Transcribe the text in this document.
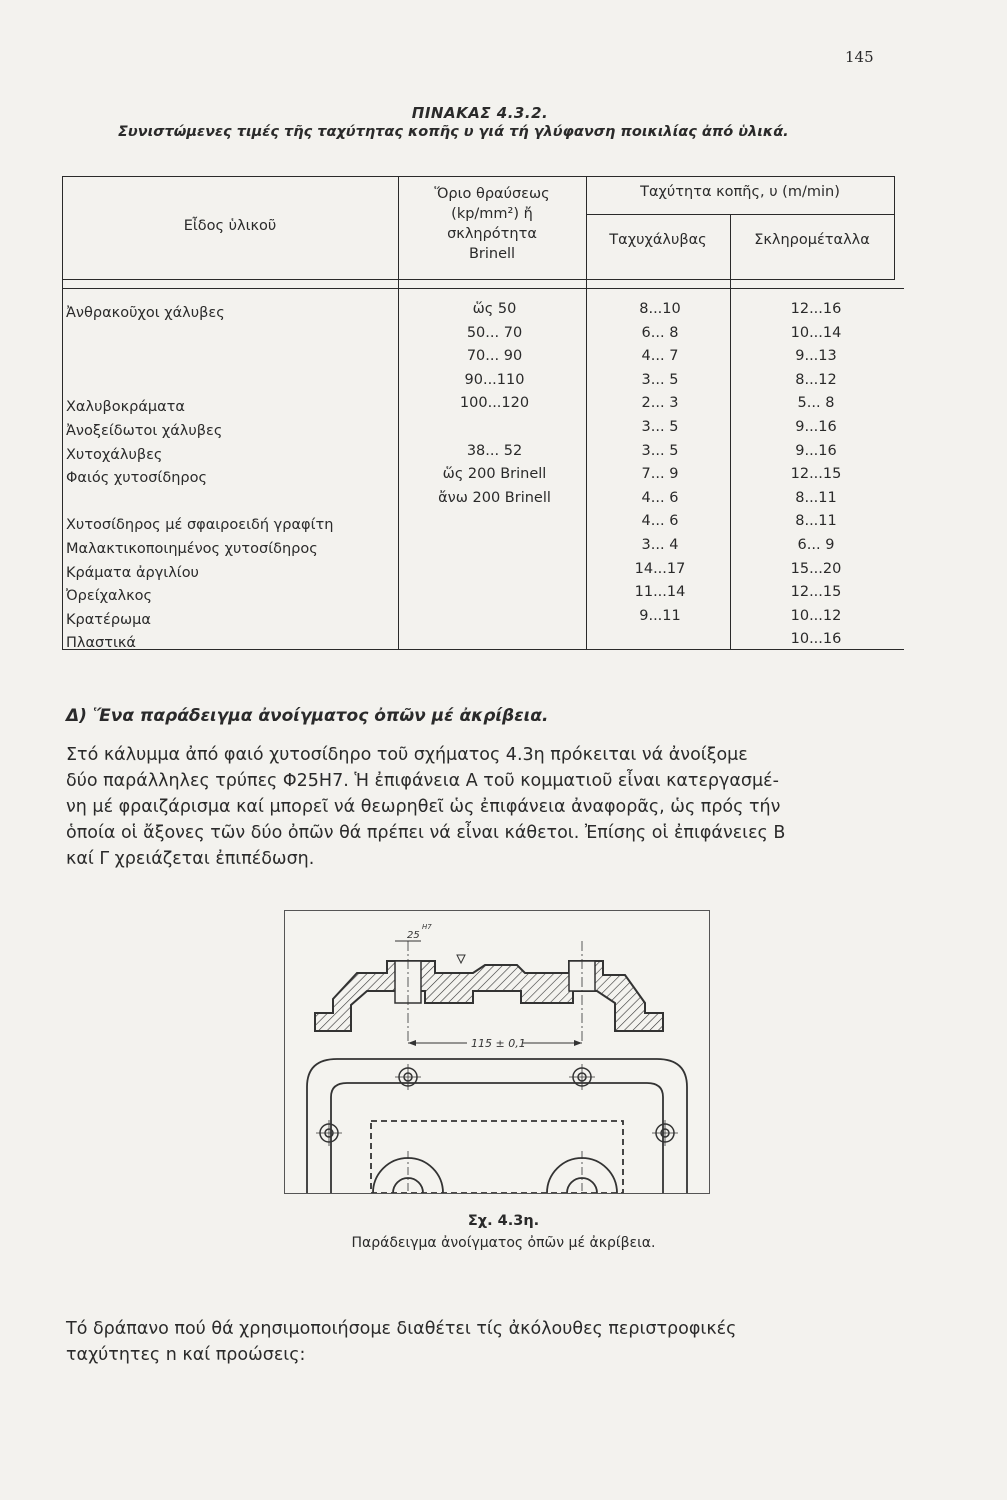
145
ΠΙΝΑΚΑΣ 4.3.2.
Συνιστώμενες τιμές τῆς ταχύτητας κοπῆς υ γιά τή γλύφανση ποικιλίας ἀπό ὑλικά.
Εἶδος ὑλικοῦ
Ὅριο θραύσεως
(kp/mm²) ἤ
σκληρότητα
Brinell
Ταχύτητα κοπῆς, υ (m/min)
Ταχυχάλυβας	Σκληρομέταλλα
Ἀνθρακοῦχοι χάλυβες
Χαλυβοκράματα
Ἀνοξείδωτοι χάλυβες
Χυτοχάλυβες
Φαιός χυτοσίδηρος
Χυτοσίδηρος μέ σφαιροειδή γραφίτη
Μαλακτικοποιημένος χυτοσίδηρος
Κράματα ἀργιλίου
Ὀρείχαλκος
Κρατέρωμα
Πλαστικά
ὥς 50
50... 70
70... 90
90...110
100...120
38... 52
ὥς 200 Brinell
ἄνω 200 Brinell
8...10
6... 8
4... 7
3... 5
2... 3
3... 5
3... 5
7... 9
4... 6
4... 6
3... 4
14...17
11...14
9...11
12...16
10...14
9...13
8...12
5... 8
9...16
9...16
12...15
8...11
8...11
6... 9
15...20
12...15
10...12
10...16
Δ) Ἕνα παράδειγμα ἀνοίγματος ὀπῶν μέ ἀκρίβεια.
Στό κάλυμμα ἀπό φαιό χυτοσίδηρο τοῦ σχήματος 4.3η πρόκειται νά ἀνοίξομε
δύο παράλληλες τρύπες Φ25H7. Ἡ ἐπιφάνεια Α τοῦ κομματιοῦ εἶναι κατεργασμέ-
νη μέ φραιζάρισμα καί μπορεῖ νά θεωρηθεῖ ὡς ἐπιφάνεια ἀναφορᾶς, ὡς πρός τήν
ὁποία οἱ ἄξονες τῶν δύο ὀπῶν θά πρέπει νά εἶναι κάθετοι. Ἐπίσης οἱ ἐπιφάνειες Β
καί Γ χρειάζεται ἐπιπέδωση.
25
H7
115 ± 0,1
Σχ. 4.3η.
Παράδειγμα ἀνοίγματος ὀπῶν μέ ἀκρίβεια.
Τό δράπανο πού θά χρησιμοποιήσομε διαθέτει τίς ἀκόλουθες περιστροφικές
ταχύτητες n καί προώσεις:
